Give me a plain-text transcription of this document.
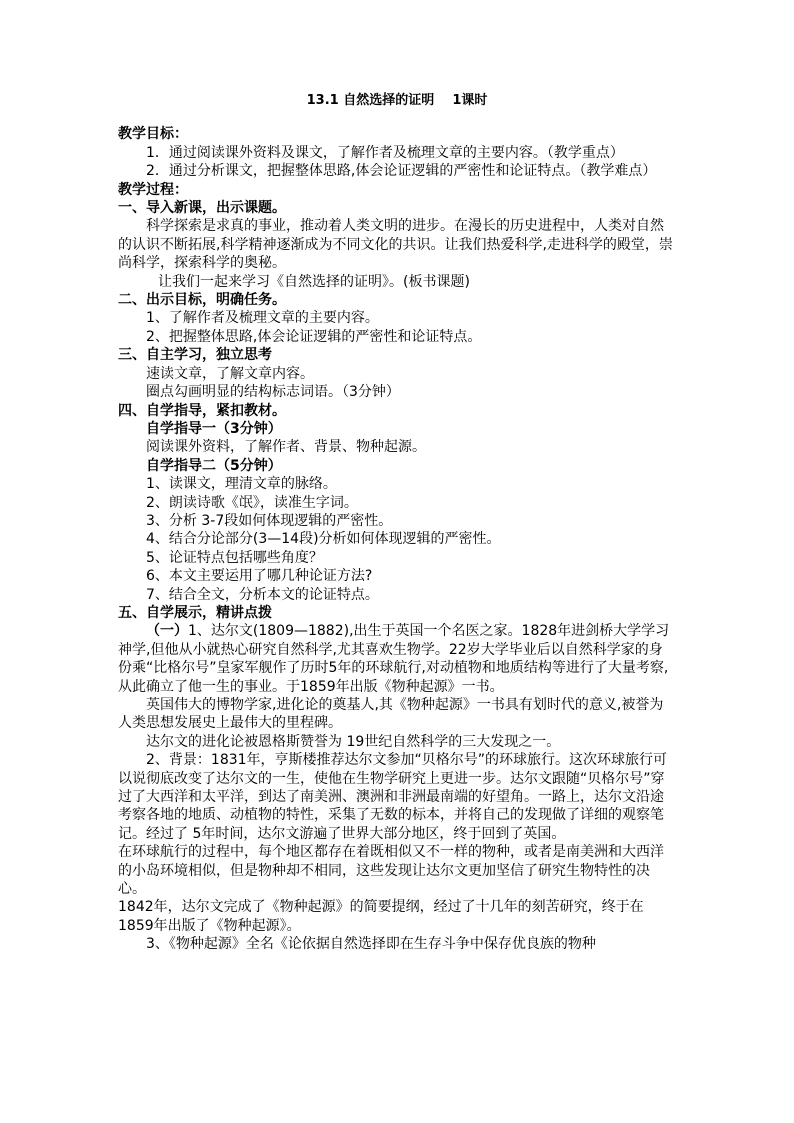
13.1 自然选择的证明    1课时

教学目标：

1．通过阅读课外资料及课文，了解作者及梳理文章的主要内容。（教学重点）

2．通过分析课文，把握整体思路,体会论证逻辑的严密性和论证特点。（教学难点）

教学过程：

一、导入新课，出示课题。

科学探索是求真的事业，推动着人类文明的进步。在漫长的历史进程中，人类对自然的认识不断拓展,科学精神逐渐成为不同文化的共识。让我们热爱科学,走进科学的殿堂，崇尚科学，探索科学的奥秘。

让我们一起来学习《自然选择的证明》。(板书课题)

二、出示目标，明确任务。

1、了解作者及梳理文章的主要内容。

2、把握整体思路,体会论证逻辑的严密性和论证特点。

三、自主学习，独立思考

速读文章，了解文章内容。

圈点勾画明显的结构标志词语。（3分钟）

四、自学指导，紧扣教材。

自学指导一（3分钟）

阅读课外资料，了解作者、背景、物种起源。

自学指导二（5分钟）

1、读课文，理清文章的脉络。

2、朗读诗歌《氓》，读准生字词。

3、分析 3-7段如何体现逻辑的严密性。

4、结合分论部分(3—14段)分析如何体现逻辑的严密性。

5、论证特点包括哪些角度？

6、本文主要运用了哪几种论证方法?

7、结合全文，分析本文的论证特点。

五、自学展示，精讲点拨

（一）1、达尔文(1809—1882),出生于英国一个名医之家。1828年进剑桥大学学习神学,但他从小就热心研究自然科学,尤其喜欢生物学。22岁大学毕业后以自然科学家的身份乘“比格尔号”皇家军舰作了历时5年的环球航行,对动植物和地质结构等进行了大量考察,从此确立了他一生的事业。于1859年出版《物种起源》一书。

英国伟大的博物学家,进化论的奠基人,其《物种起源》一书具有划时代的意义,被誉为人类思想发展史上最伟大的里程碑。

达尔文的进化论被恩格斯赞誉为 19世纪自然科学的三大发现之一。

2、背景：1831年，亨斯楼推荐达尔文参加“贝格尔号”的环球旅行。这次环球旅行可以说彻底改变了达尔文的一生，使他在生物学研究上更进一步。达尔文跟随“贝格尔号”穿过了大西洋和太平洋，到达了南美洲、澳洲和非洲最南端的好望角。一路上，达尔文沿途考察各地的地质、动植物的特性，采集了无数的标本，并将自己的发现做了详细的观察笔记。经过了 5年时间，达尔文游遍了世界大部分地区，终于回到了英国。

在环球航行的过程中，每个地区都存在着既相似又不一样的物种，或者是南美洲和大西洋的小岛环境相似，但是物种却不相同，这些发现让达尔文更加坚信了研究生物特性的决心。

1842年，达尔文完成了《物种起源》的简要提纲，经过了十几年的刻苦研究，终于在 1859年出版了《物种起源》。

3、《物种起源》全名《论依据自然选择即在生存斗争中保存优良族的物种
